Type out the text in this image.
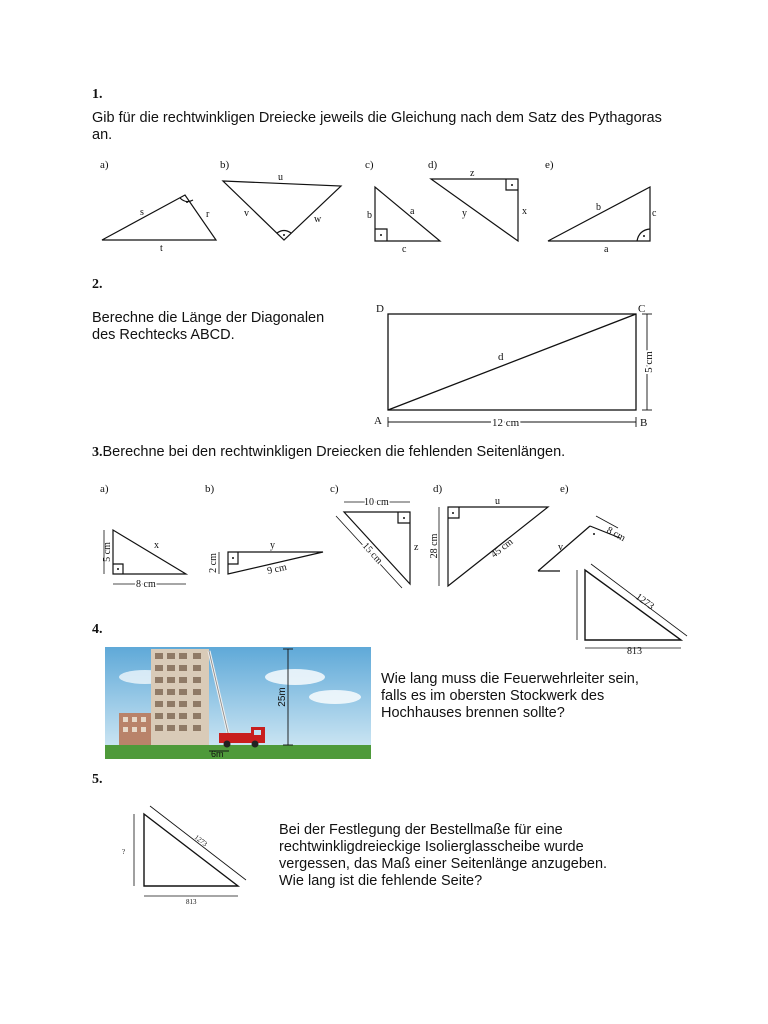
1.
Gib für die rechtwinkligen Dreiecke jeweils die Gleichung nach dem Satz des Pythagoras an.
a)	b)	c)	d)	e)
s	r
t
u
v
w	b	a
c
z
y	x	b
c
a
2.
Berechne die Länge der Diagonalen
des Rechtecks ABCD.
D	C
A	B
d
12 cm
5 cm
3.Berechne bei den rechtwinkligen Dreiecken die fehlenden Seitenlängen.
a)	b)	c)	d)	e)
5 cm
8 cm
x
2 cm	9 cm
y
10 cm
15 cm	z 28 cm	45 cm
u
8 cm
v
1273
813
4.
25m
6m
Wie lang muss die Feuerwehrleiter sein,
falls es im obersten Stockwerk des
Hochhauses brennen sollte?
5.
1273
813
?
Bei der Festlegung der Bestellmaße für eine
rechtwinkligdreieckige Isolierglasscheibe wurde
vergessen, das Maß einer Seitenlänge anzugeben.
Wie lang ist die fehlende Seite?
